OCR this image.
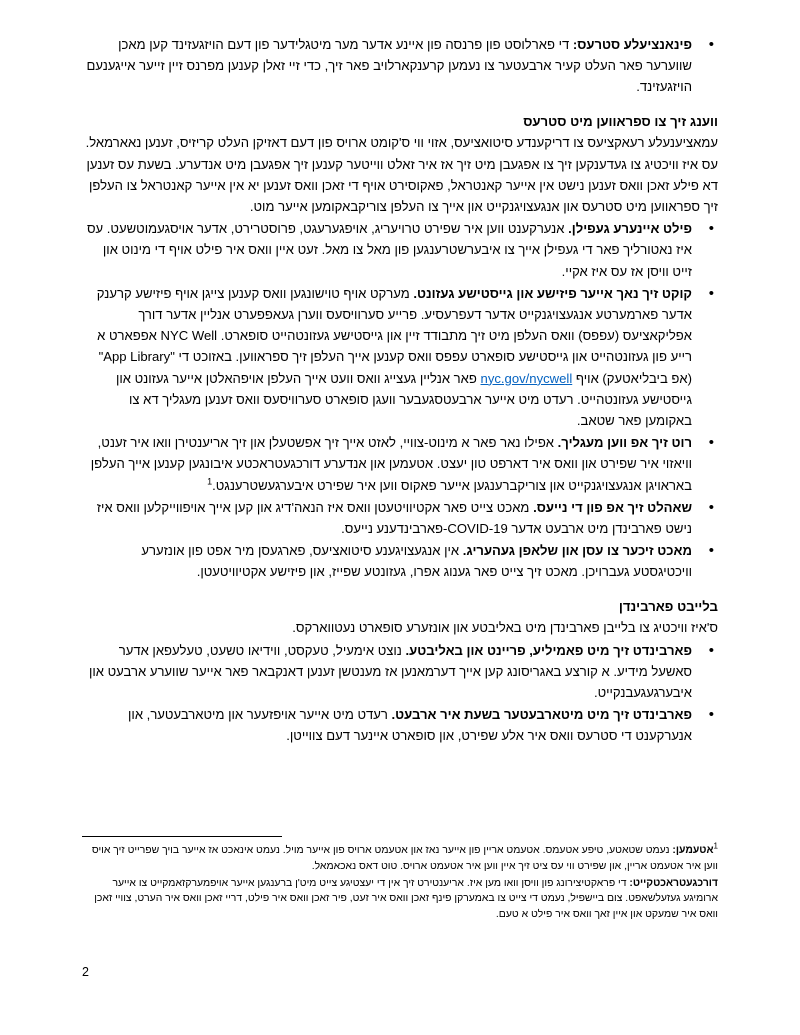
• פינאנציעלע סטרעס: די פארלוסט פון פרנסה פון איינע אדער מער מיטגלידער פון דעם הויזגעזינד קען מאכן שווערער פאר העלט קעיר ארבעטער צו נעמען קרענקארלויב פאר זיך, כדי זיי זאלן קענען מפרנס זיין זייער אייגענעם הויזגעזינד.

ווענג זיך צו ספראווען מיט סטרעס

עמאציענעלע רעאקציעס צו דריקענדע סיטואציעס, אזוי ווי ס'קומט ארויס פון דעם דאזיקן העלט קריזיס, זענען נאארמאל. עס איז וויכטיג צו געדענקען זיך צו אפגעבן מיט זיך אז איר זאלט ווייטער קענען זיך אפגעבן מיט אנדערע. בשעת עס זענען דא פילע זאכן וואס זענען נישט אין אייער קאנטראל, פאקוסירט אויף די זאכן וואס זענען יא אין אייער קאנטראל צו העלפן זיך ספראווען מיט סטרעס און אנגעצויגנקייט און אייך צו העלפן צוריקבאקומען אייער מוט.

• פילט איינערע געפילן. אנערקענט ווען איר שפירט טרויעריג, אויפגערעגט, פרוסטרירט, אדער אויסגעמוטשעט. עס איז נאטורליך פאר די געפילן אייך צו איבערשטרענגען פון מאל צו מאל. זעט איין וואס איר פילט אויף די מינוט און זייט וויסן אז עס איז אקיי.
• קוקט זיך נאך אייער פיזישע און גייסטישע געזונט. מערקט אויף טוישונגען וואס קענען צייגן אויף פיזישע קרענק אדער פארמערטע אנגעצויגנקייט אדער דעפרעסיע. פרייע סערוויסעס ווערן געאפפערט אנליין אדער דורך אפליקאציעס (עפפס) וואס העלפן מיט זיך מתבודד זיין און גייסטישע געזונטהייט סופארט. NYC Well אפפארט א רייע פון געזונטהייט און גייסטישע סופארט עפפס וואס קענען אייך העלפן זיך ספראווען. באזוכט די "App Library" (אפ ביבליאטעק) אויף nyc.gov/nycwell פאר אנליין געצייג וואס וועט אייך העלפן אויפהאלטן אייער געזונט און גייסטישע געזונטהייט. רעדט מיט אייער ארבעטסגעבער וועגן סופארט סערוויסעס וואס זענען מעגליך דא צו באקומען פאר שטאב.
• רוט זיך אפ ווען מעגליך. אפילו נאר פאר א מינוט-צוויי, לאזט אייך זיך אפשטעלן און זיך אריענטירן וואו איר זענט, וויאזוי איר שפירט און וואס איר דארפט טון יעצט. אטעמען און אנדערע דורכגעטראכטע איבונגען קענען אייך העלפן באראויגן אנגעצויגנקייט און צוריקברענגען אייער פאקוס ווען איר שפירט איבערגעשטרענגט.$^1$
• שאהלט זיך אפ פון די נייעס. מאכט צייט פאר אקטיוויטעטן וואס איז הנאה'דיג און קען אייך אויפווייקלען וואס איז נישט פארבינדן מיט ארבעט אדער COVID-19-פארבינדענע נייעס.
• מאכט זיכער צו עסן און שלאפן געהעריג. אין אנגעצויגענע סיטואציעס, פארגעסן מיר אפט פון אונזערע וויכטיגסטע געברויכן. מאכט זיך צייט פאר גענוג אפרו, געזונטע שפייז, און פיזישע אקטיוויטעטן.

בלייבט פארבינדן

ס'איז וויכטיג צו בלייבן פארבינדן מיט באליבטע און אונזערע סופארט נעטווארקס.

• פארבינדט זיך מיט פאמיליע, פריינט און באליבטע. נוצט אימעיל, טעקסט, ווידיאו טשעט, טעלעפאן אדער סאשעל מידיע. א קורצע באגריסונג קען אייך דערמאנען אז מענטשן זענען דאנקבאר פאר אייער שווערע ארבעט און איבערגעגעבנקייט.
• פארבינדט זיך מיט מיטארבעטער בשעת איר ארבעט. רעדט מיט אייער אויפזעער און מיטארבעטער, און אנערקענט די סטרעס וואס איר אלע שפירט, און סופארט איינער דעם צווייטן.

$^1$אטעמען: נעמט שטאטע, טיפע אטעמס. אטעמט אריין פון אייער נאז און אטעמט ארויס פון אייער מויל. נעמט אינאכט אז אייער בויך שפרייט זיך אויס ווען איר אטעמט אריין, און שפירט ווי עס ציט זיך איין ווען איר אטעמט ארויס. טוט דאס נאכאמאל.

דורכגעטראכטקייט: די פראקטיצירונג פון וויסן וואו מען איז. אריענטירט זיך אין די יעצטיגע צייט מיט'ן ברענגען אייער אויפמערקזאמקייט צו אייער ארומיגע געזעלשאפט. צום ביישפיל, נעמט די צייט צו באמערקן פינף זאכן וואס איר זעט, פיר זאכן וואס איר פילט, דריי זאכן וואס איר הערט, צוויי זאכן וואס איר שמעקט און איין זאך וואס איר פילט א טעם.

2
